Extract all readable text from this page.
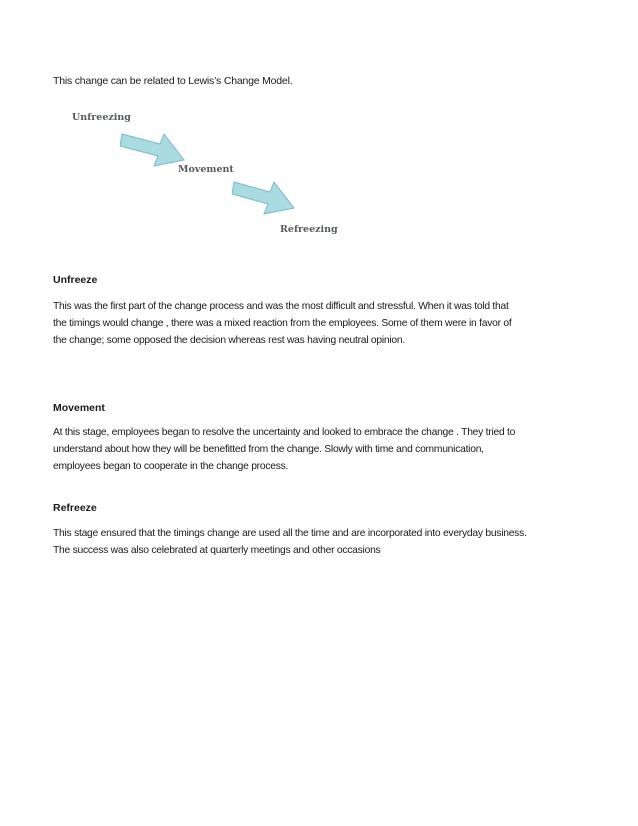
This change can be related to Lewis’s Change Model.
Unfreezing
Movement
Refreezing
Unfreeze
This was the first part of the change process and was the most difficult and stressful. When it was told that
the timings would change , there was a mixed reaction from the employees. Some of them were in favor of
the change; some opposed the decision whereas rest was having neutral opinion.
Movement
At this stage, employees began to resolve the uncertainty and looked to embrace the change . They tried to
understand about how they will be benefitted from the change. Slowly with time and communication,
employees began to cooperate in the change process.
Refreeze
This stage ensured that the timings change are used all the time and are incorporated into everyday business.
The success was also celebrated at quarterly meetings and other occasions
